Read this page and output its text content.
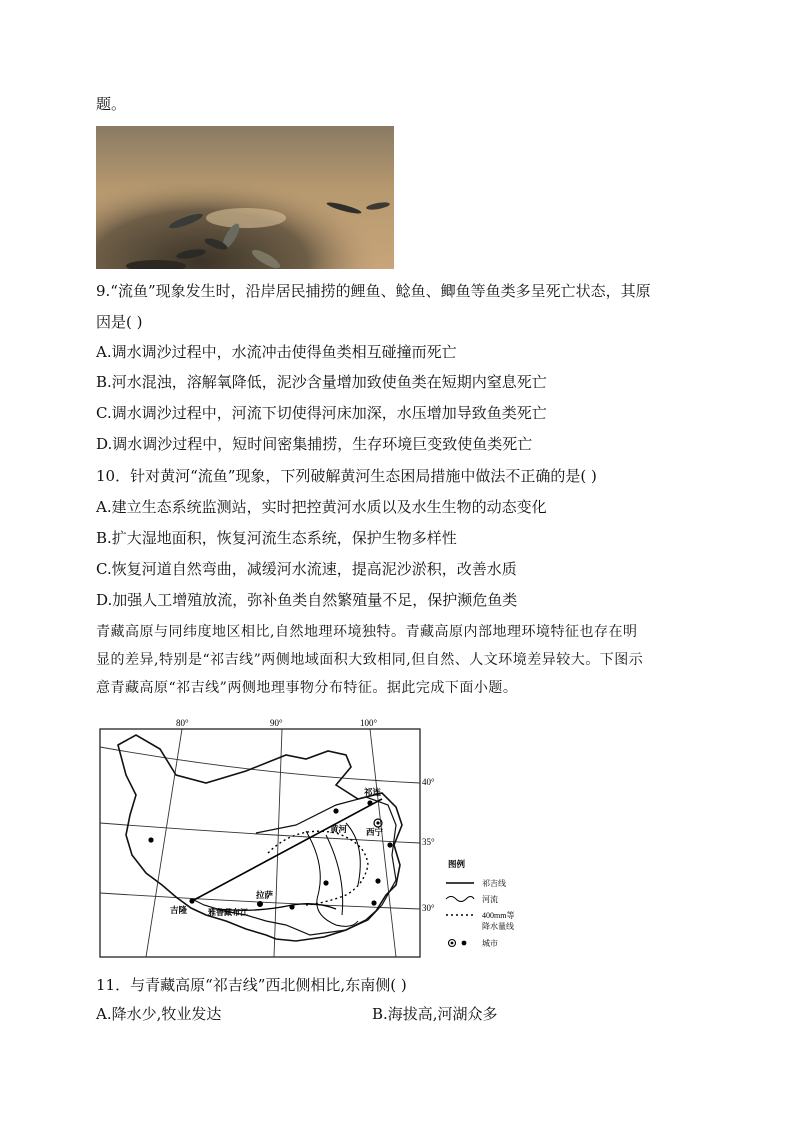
题。
9.“流鱼”现象发生时，沿岸居民捕捞的鲤鱼、鲶鱼、鲫鱼等鱼类多呈死亡状态，其原
因是( )
A.调水调沙过程中，水流冲击使得鱼类相互碰撞而死亡
B.河水混浊，溶解氧降低，泥沙含量增加致使鱼类在短期内窒息死亡
C.调水调沙过程中，河流下切使得河床加深，水压增加导致鱼类死亡
D.调水调沙过程中，短时间密集捕捞，生存环境巨变致使鱼类死亡
10．针对黄河“流鱼”现象，下列破解黄河生态困局措施中做法不正确的是( )
A.建立生态系统监测站，实时把控黄河水质以及水生生物的动态变化
B.扩大湿地面积，恢复河流生态系统，保护生物多样性
C.恢复河道自然弯曲，减缓河水流速，提高泥沙淤积，改善水质
D.加强人工增殖放流，弥补鱼类自然繁殖量不足，保护濒危鱼类
青藏高原与同纬度地区相比,自然地理环境独特。青藏高原内部地理环境特征也存在明
显的差异,特别是“祁吉线”两侧地域面积大致相同,但自然、人文环境差异较大。下图示
意青藏高原“祁吉线”两侧地理事物分布特征。据此完成下面小题。
80°	90°	100°
40°
35°
30°
祁连
西宁
黄河
拉萨
吉隆	雅鲁藏布江
图例
祁吉线
河流
400mm等
降水量线
城市
11．与青藏高原“祁吉线”西北侧相比,东南侧( )
A.降水少,牧业发达	B.海拔高,河湖众多
